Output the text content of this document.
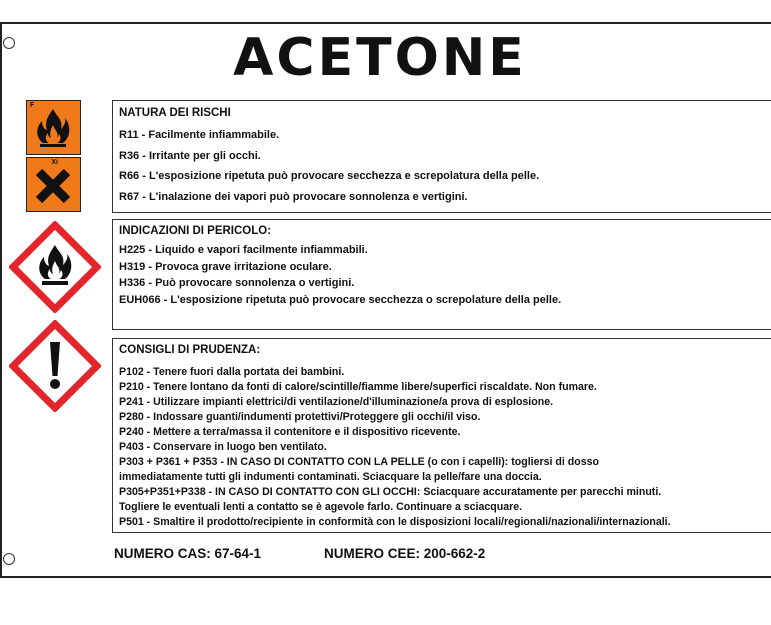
ACETONE
F
Xi
NATURA DEI RISCHI
R11 - Facilmente infiammabile.
R36 - Irritante per gli occhi.
R66 - L'esposizione ripetuta può provocare secchezza e screpolatura della pelle.
R67 - L'inalazione dei vapori può provocare sonnolenza e vertigini.
INDICAZIONI DI PERICOLO:
H225 - Liquido e vapori facilmente infiammabili.
H319 - Provoca grave irritazione oculare.
H336 - Può provocare sonnolenza o vertigini.
EUH066 - L'esposizione ripetuta può provocare secchezza o screpolature della pelle.
CONSIGLI DI PRUDENZA:
P102 - Tenere fuori dalla portata dei bambini.
P210 - Tenere lontano da fonti di calore/scintille/fiamme libere/superfici riscaldate. Non fumare.
P241 - Utilizzare impianti elettrici/di ventilazione/d'illuminazione/a prova di esplosione.
P280 - Indossare guanti/indumenti protettivi/Proteggere gli occhi/il viso.
P240 - Mettere a terra/massa il contenitore e il dispositivo ricevente.
P403 - Conservare in luogo ben ventilato.
P303 + P361 + P353 - IN CASO DI CONTATTO CON LA PELLE (o con i capelli): togliersi di dosso
immediatamente tutti gli indumenti contaminati. Sciacquare la pelle/fare una doccia.
P305+P351+P338 - IN CASO DI CONTATTO CON GLI OCCHI: Sciacquare accuratamente per parecchi minuti.
Togliere le eventuali lenti a contatto se è agevole farlo. Continuare a sciacquare.
P501 - Smaltire il prodotto/recipiente in conformità con le disposizioni locali/regionali/nazionali/internazionali.
NUMERO CAS: 67-64-1	NUMERO CEE: 200-662-2
